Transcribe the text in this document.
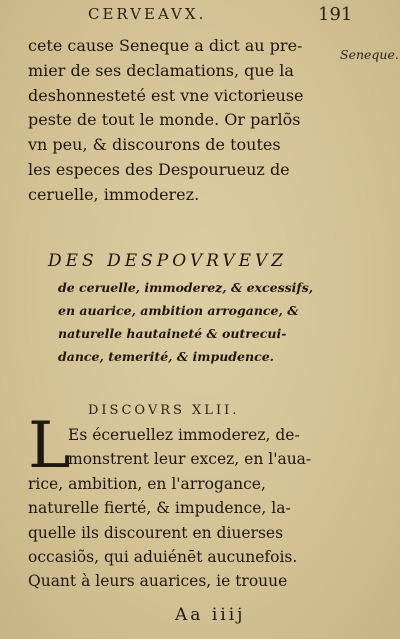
CERVEAVX.	191
Seneque.

cete cause Seneque a dict au pre-
mier de ses declamations, que la
deshonnesteté est vne victorieuse
peste de tout le monde. Or parlõs
vn peu, & discourons de toutes
les especes des Despourueuz de
ceruelle, immoderez.

DES DESPOVRVEVZ
de ceruelle, immoderez, & excessifs,
en auarice, ambition arrogance, &
naturelle hautaineté & outrecui-
dance, temerité, & impudence.
DISCOVRS XLII.
L
Es éceruellez immoderez, de-
monstrent leur excez, en l'aua-
rice, ambition, en l'arrogance,
naturelle fierté, & impudence, la-
quelle ils discourent en diuerses
occasiõs, qui aduiénēt aucunefois.
Quant à leurs auarices, ie trouue
Aa iiij
